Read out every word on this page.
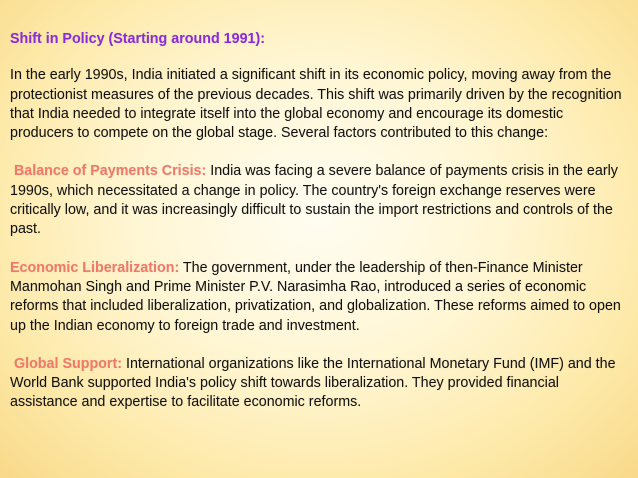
Shift in Policy (Starting around 1991):

In the early 1990s, India initiated a significant shift in its economic policy, moving away from the protectionist measures of the previous decades. This shift was primarily driven by the recognition that India needed to integrate itself into the global economy and encourage its domestic producers to compete on the global stage. Several factors contributed to this change:

Balance of Payments Crisis: India was facing a severe balance of payments crisis in the early 1990s, which necessitated a change in policy. The country's foreign exchange reserves were critically low, and it was increasingly difficult to sustain the import restrictions and controls of the past.

Economic Liberalization: The government, under the leadership of then-Finance Minister Manmohan Singh and Prime Minister P.V. Narasimha Rao, introduced a series of economic reforms that included liberalization, privatization, and globalization. These reforms aimed to open up the Indian economy to foreign trade and investment.

Global Support: International organizations like the International Monetary Fund (IMF) and the World Bank supported India's policy shift towards liberalization. They provided financial assistance and expertise to facilitate economic reforms.
